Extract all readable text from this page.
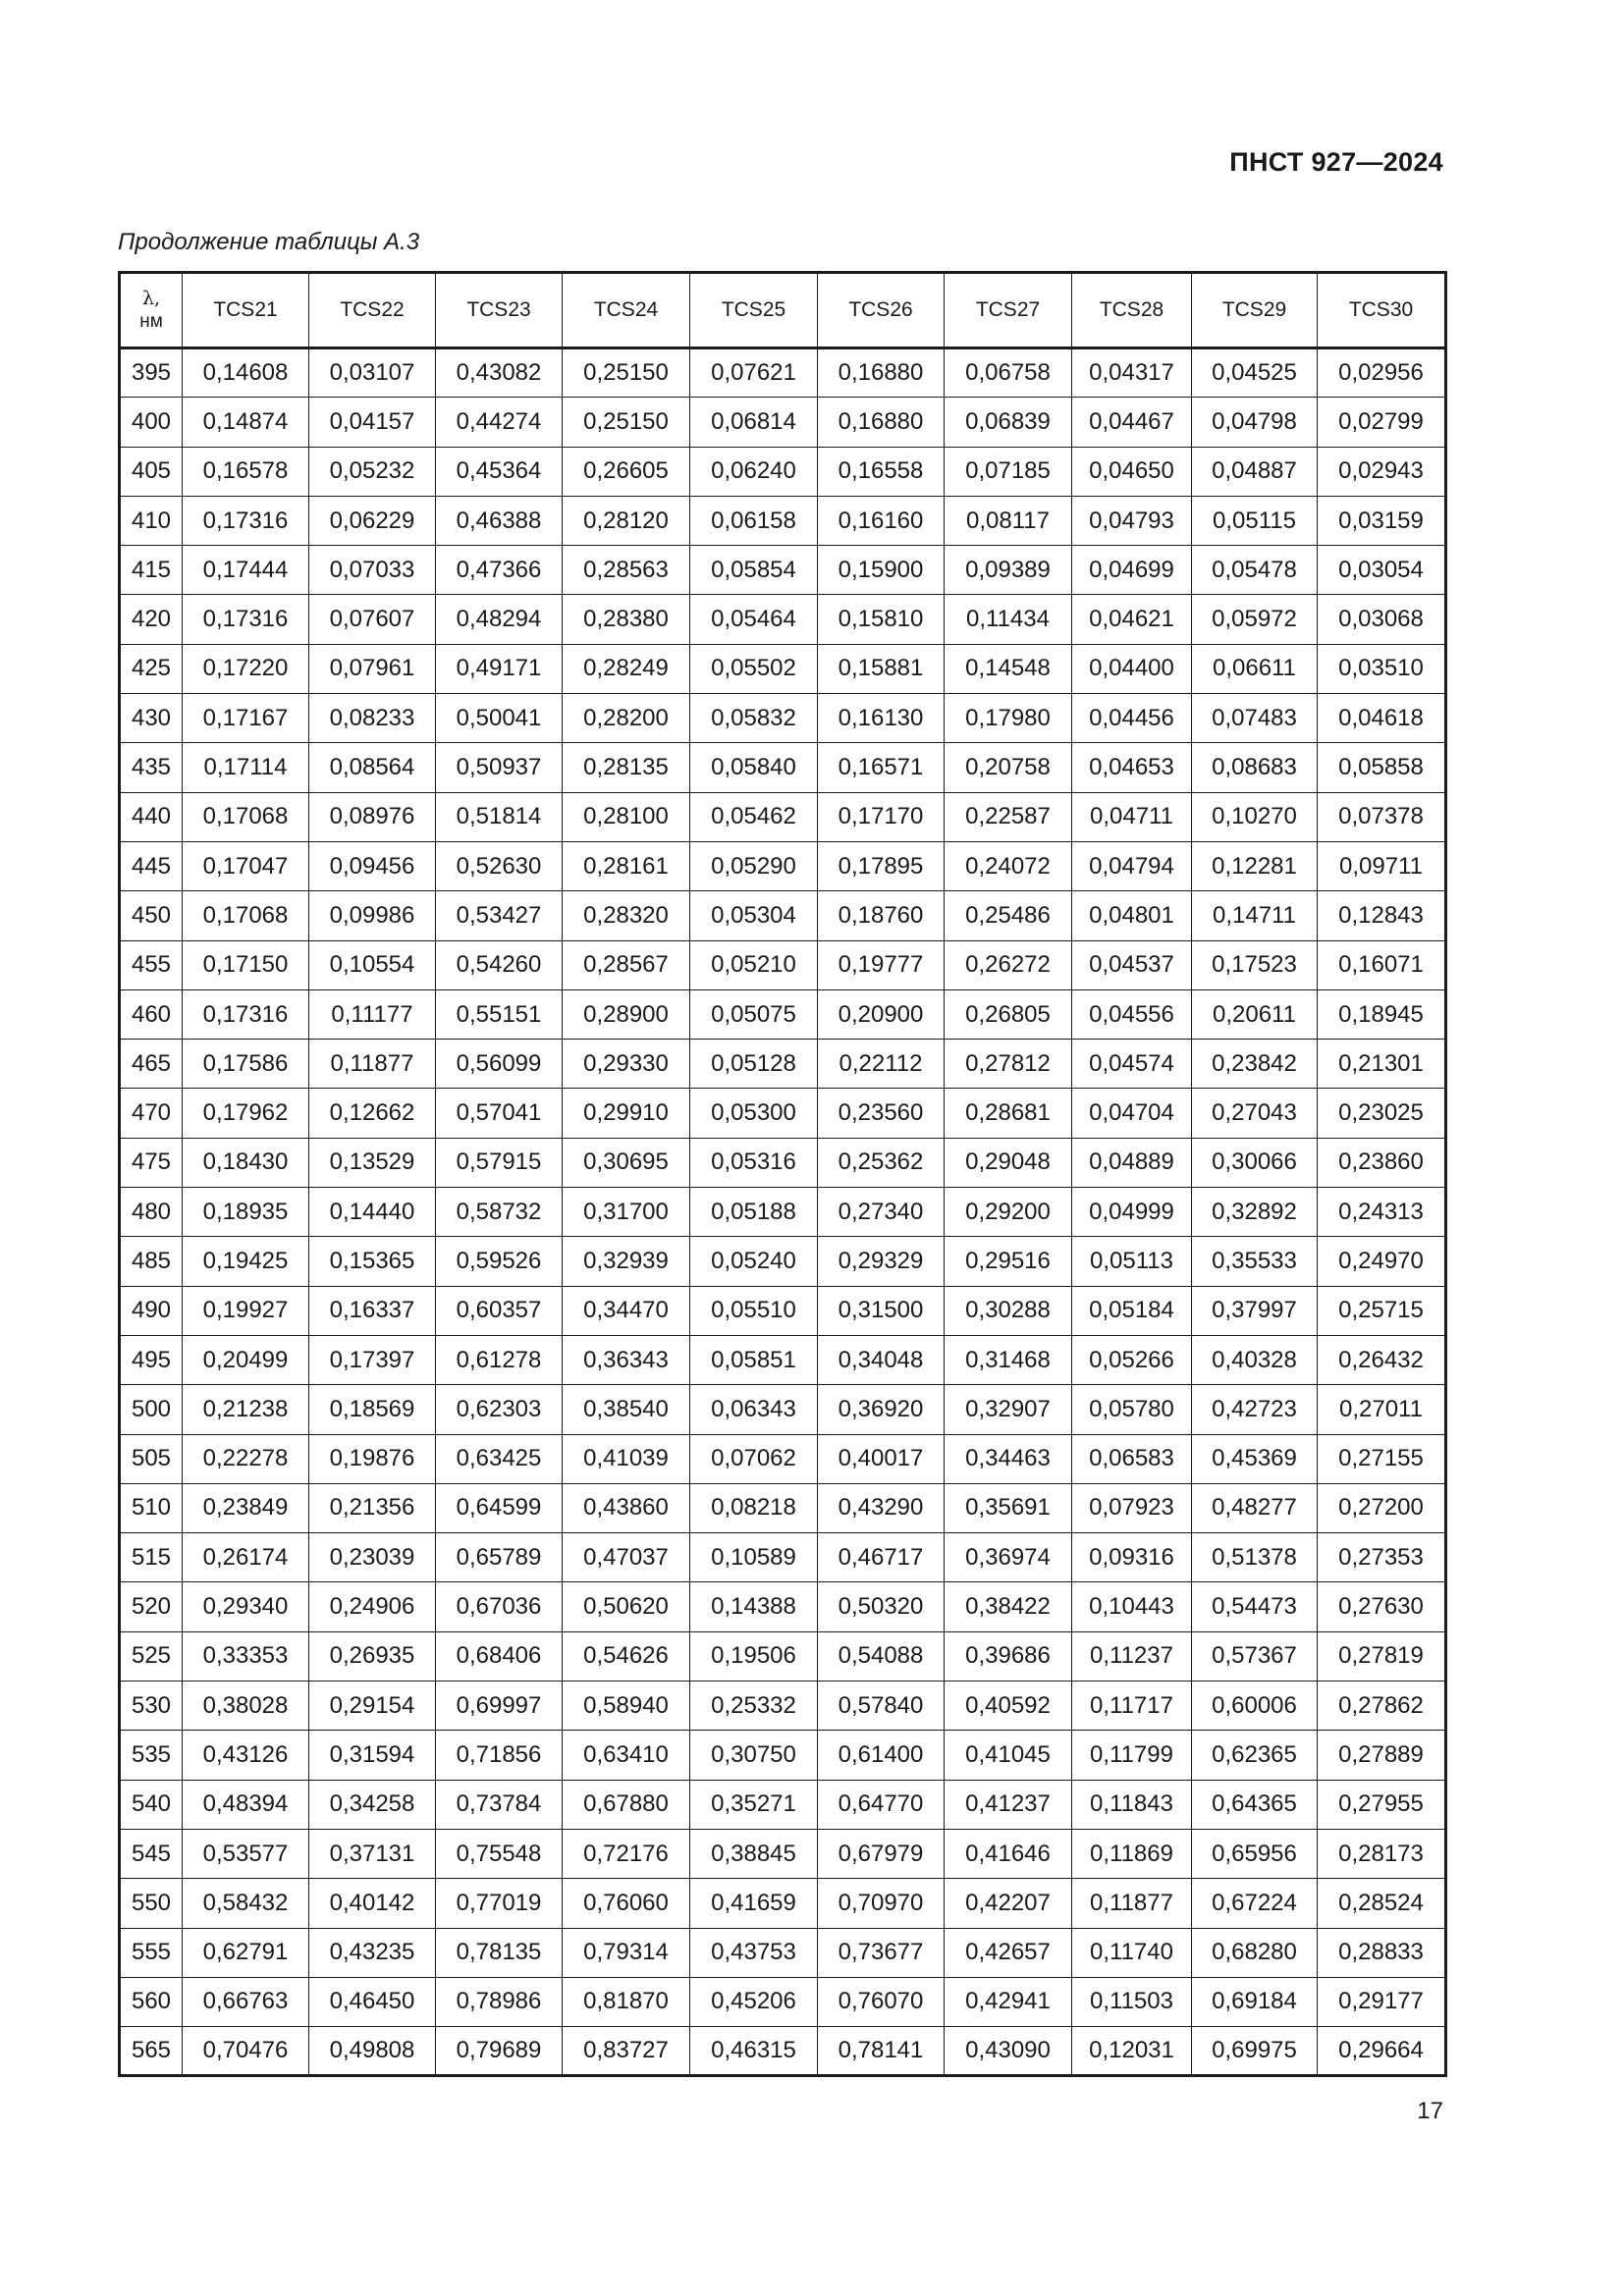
ПНСТ 927—2024
Продолжение таблицы А.3
λ,
нм	TCS21	TCS22	TCS23	TCS24	TCS25	TCS26	TCS27	TCS28	TCS29	TCS30
395	0,14608	0,03107	0,43082	0,25150	0,07621	0,16880	0,06758	0,04317	0,04525	0,02956
400	0,14874	0,04157	0,44274	0,25150	0,06814	0,16880	0,06839	0,04467	0,04798	0,02799
405	0,16578	0,05232	0,45364	0,26605	0,06240	0,16558	0,07185	0,04650	0,04887	0,02943
410	0,17316	0,06229	0,46388	0,28120	0,06158	0,16160	0,08117	0,04793	0,05115	0,03159
415	0,17444	0,07033	0,47366	0,28563	0,05854	0,15900	0,09389	0,04699	0,05478	0,03054
420	0,17316	0,07607	0,48294	0,28380	0,05464	0,15810	0,11434	0,04621	0,05972	0,03068
425	0,17220	0,07961	0,49171	0,28249	0,05502	0,15881	0,14548	0,04400	0,06611	0,03510
430	0,17167	0,08233	0,50041	0,28200	0,05832	0,16130	0,17980	0,04456	0,07483	0,04618
435	0,17114	0,08564	0,50937	0,28135	0,05840	0,16571	0,20758	0,04653	0,08683	0,05858
440	0,17068	0,08976	0,51814	0,28100	0,05462	0,17170	0,22587	0,04711	0,10270	0,07378
445	0,17047	0,09456	0,52630	0,28161	0,05290	0,17895	0,24072	0,04794	0,12281	0,09711
450	0,17068	0,09986	0,53427	0,28320	0,05304	0,18760	0,25486	0,04801	0,14711	0,12843
455	0,17150	0,10554	0,54260	0,28567	0,05210	0,19777	0,26272	0,04537	0,17523	0,16071
460	0,17316	0,11177	0,55151	0,28900	0,05075	0,20900	0,26805	0,04556	0,20611	0,18945
465	0,17586	0,11877	0,56099	0,29330	0,05128	0,22112	0,27812	0,04574	0,23842	0,21301
470	0,17962	0,12662	0,57041	0,29910	0,05300	0,23560	0,28681	0,04704	0,27043	0,23025
475	0,18430	0,13529	0,57915	0,30695	0,05316	0,25362	0,29048	0,04889	0,30066	0,23860
480	0,18935	0,14440	0,58732	0,31700	0,05188	0,27340	0,29200	0,04999	0,32892	0,24313
485	0,19425	0,15365	0,59526	0,32939	0,05240	0,29329	0,29516	0,05113	0,35533	0,24970
490	0,19927	0,16337	0,60357	0,34470	0,05510	0,31500	0,30288	0,05184	0,37997	0,25715
495	0,20499	0,17397	0,61278	0,36343	0,05851	0,34048	0,31468	0,05266	0,40328	0,26432
500	0,21238	0,18569	0,62303	0,38540	0,06343	0,36920	0,32907	0,05780	0,42723	0,27011
505	0,22278	0,19876	0,63425	0,41039	0,07062	0,40017	0,34463	0,06583	0,45369	0,27155
510	0,23849	0,21356	0,64599	0,43860	0,08218	0,43290	0,35691	0,07923	0,48277	0,27200
515	0,26174	0,23039	0,65789	0,47037	0,10589	0,46717	0,36974	0,09316	0,51378	0,27353
520	0,29340	0,24906	0,67036	0,50620	0,14388	0,50320	0,38422	0,10443	0,54473	0,27630
525	0,33353	0,26935	0,68406	0,54626	0,19506	0,54088	0,39686	0,11237	0,57367	0,27819
530	0,38028	0,29154	0,69997	0,58940	0,25332	0,57840	0,40592	0,11717	0,60006	0,27862
535	0,43126	0,31594	0,71856	0,63410	0,30750	0,61400	0,41045	0,11799	0,62365	0,27889
540	0,48394	0,34258	0,73784	0,67880	0,35271	0,64770	0,41237	0,11843	0,64365	0,27955
545	0,53577	0,37131	0,75548	0,72176	0,38845	0,67979	0,41646	0,11869	0,65956	0,28173
550	0,58432	0,40142	0,77019	0,76060	0,41659	0,70970	0,42207	0,11877	0,67224	0,28524
555	0,62791	0,43235	0,78135	0,79314	0,43753	0,73677	0,42657	0,11740	0,68280	0,28833
560	0,66763	0,46450	0,78986	0,81870	0,45206	0,76070	0,42941	0,11503	0,69184	0,29177
565	0,70476	0,49808	0,79689	0,83727	0,46315	0,78141	0,43090	0,12031	0,69975	0,29664
17
